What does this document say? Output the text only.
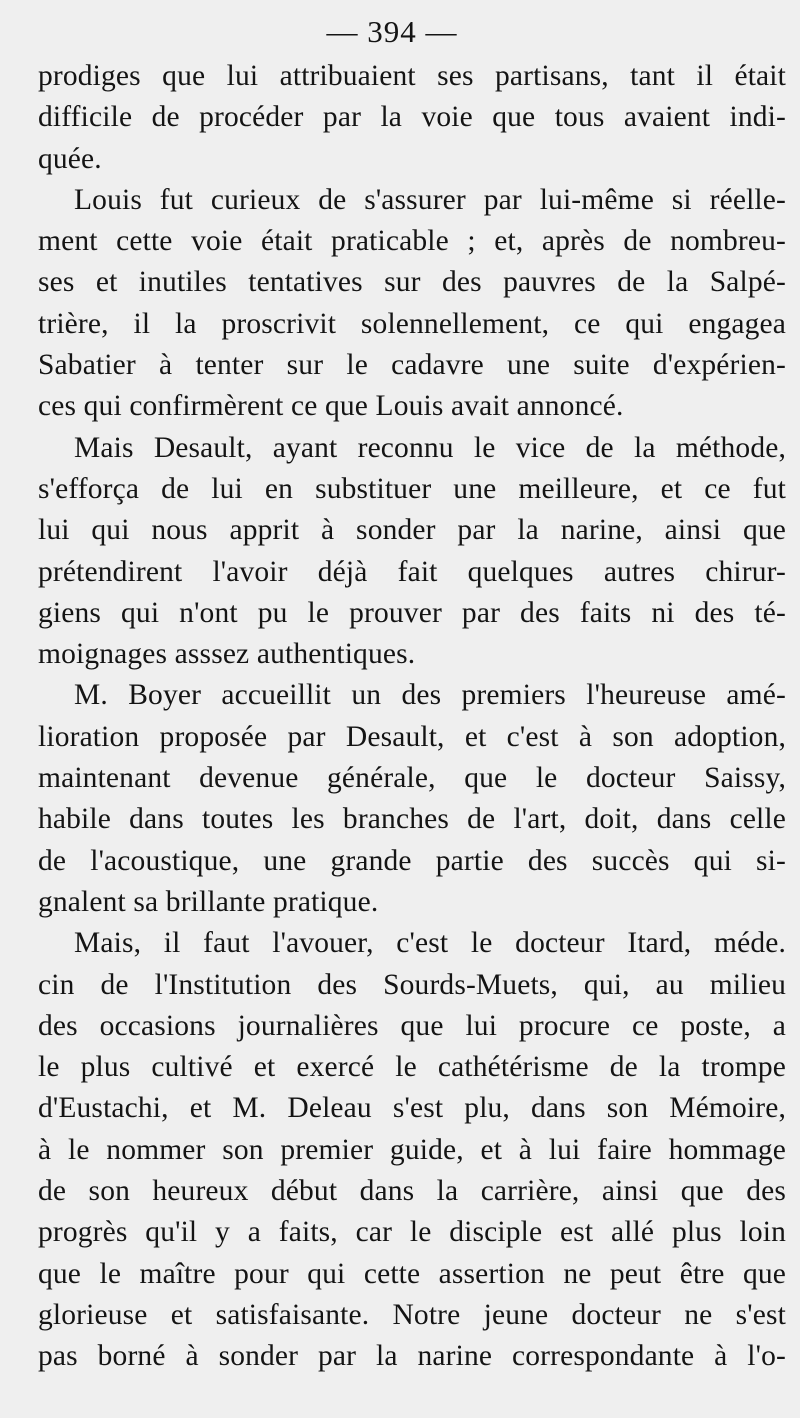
— 394 —
prodiges que lui attribuaient ses partisans, tant il était
difficile de procéder par la voie que tous avaient indi-
quée.
Louis fut curieux de s'assurer par lui-même si réelle-
ment cette voie était praticable ; et, après de nombreu-
ses et inutiles tentatives sur des pauvres de la Salpé-
trière, il la proscrivit solennellement, ce qui engagea
Sabatier à tenter sur le cadavre une suite d'expérien-
ces qui confirmèrent ce que Louis avait annoncé.
Mais Desault, ayant reconnu le vice de la méthode,
s'efforça de lui en substituer une meilleure, et ce fut
lui qui nous apprit à sonder par la narine, ainsi que
prétendirent l'avoir déjà fait quelques autres chirur-
giens qui n'ont pu le prouver par des faits ni des té-
moignages asssez authentiques.
M. Boyer accueillit un des premiers l'heureuse amé-
lioration proposée par Desault, et c'est à son adoption,
maintenant devenue générale, que le docteur Saissy,
habile dans toutes les branches de l'art, doit, dans celle
de l'acoustique, une grande partie des succès qui si-
gnalent sa brillante pratique.
Mais, il faut l'avouer, c'est le docteur Itard, méde.
cin de l'Institution des Sourds-Muets, qui, au milieu
des occasions journalières que lui procure ce poste, a
le plus cultivé et exercé le cathétérisme de la trompe
d'Eustachi, et M. Deleau s'est plu, dans son Mémoire,
à le nommer son premier guide, et à lui faire hommage
de son heureux début dans la carrière, ainsi que des
progrès qu'il y a faits, car le disciple est allé plus loin
que le maître pour qui cette assertion ne peut être que
glorieuse et satisfaisante. Notre jeune docteur ne s'est
pas borné à sonder par la narine correspondante à l'o-
